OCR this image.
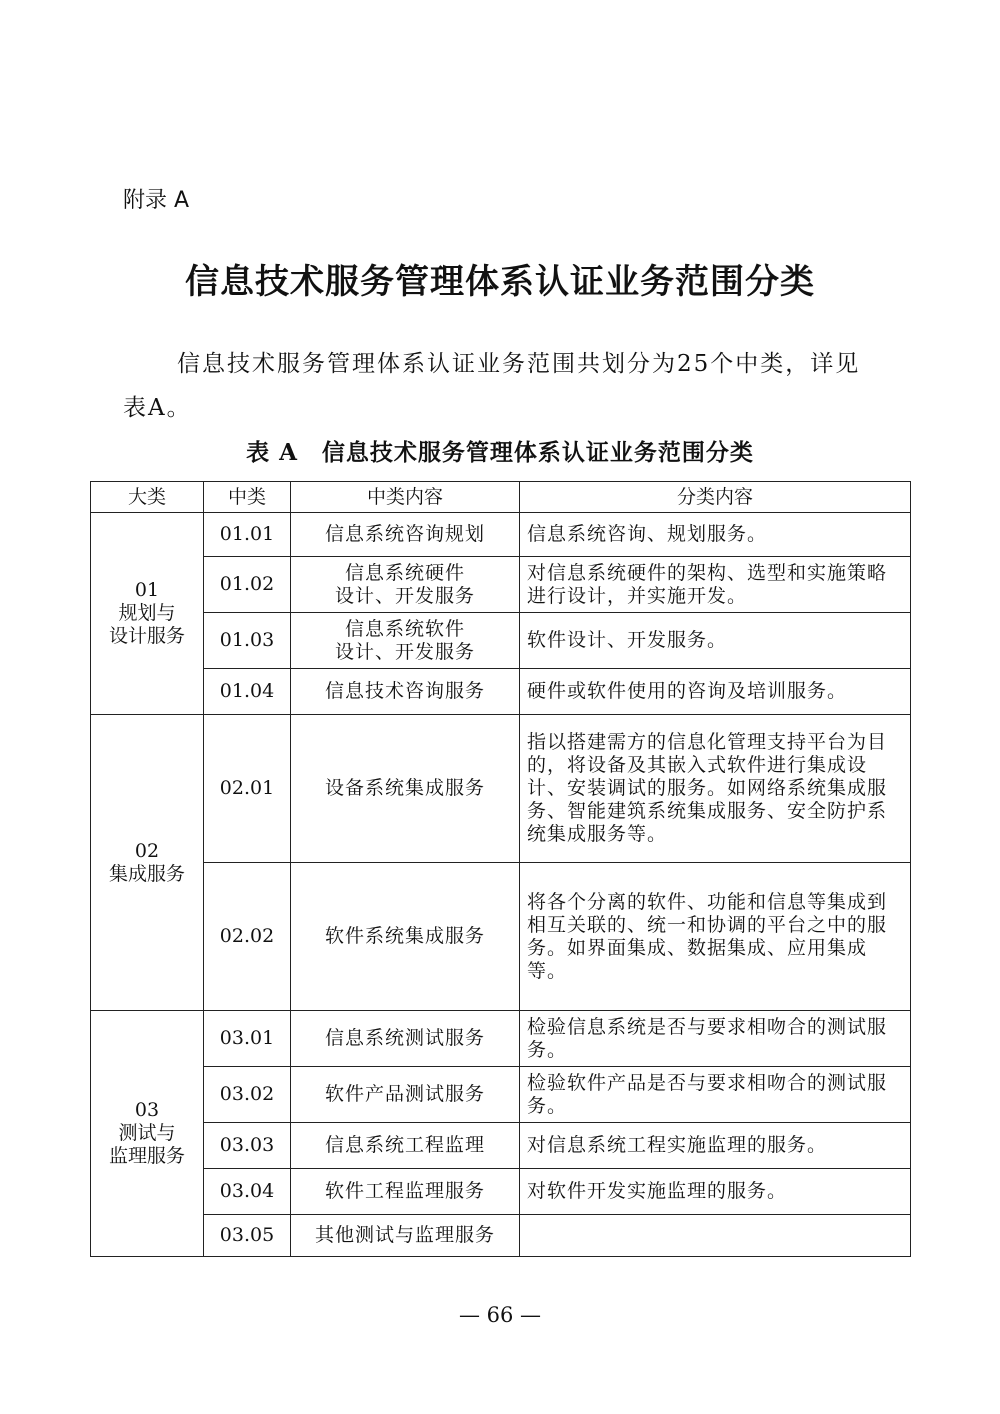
附录 A
信息技术服务管理体系认证业务范围分类
信息技术服务管理体系认证业务范围共划分为25个中类，详见表A。
表 A 信息技术服务管理体系认证业务范围分类
大类	中类	中类内容	分类内容

01
规划与
设计服务	01.01	信息系统咨询规划	信息系统咨询、规划服务。
	01.02	信息系统硬件
设计、开发服务	对信息系统硬件的架构、选型和实施策略进行设计，并实施开发。
	01.03	信息系统软件
设计、开发服务	软件设计、开发服务。
	01.04	信息技术咨询服务	硬件或软件使用的咨询及培训服务。

02
集成服务	02.01	设备系统集成服务	指以搭建需方的信息化管理支持平台为目的，将设备及其嵌入式软件进行集成设计、安装调试的服务。如网络系统集成服务、智能建筑系统集成服务、安全防护系统集成服务等。
	02.02	软件系统集成服务	将各个分离的软件、功能和信息等集成到相互关联的、统一和协调的平台之中的服务。如界面集成、数据集成、应用集成等。

03
测试与
监理服务	03.01	信息系统测试服务	检验信息系统是否与要求相吻合的测试服务。
	03.02	软件产品测试服务	检验软件产品是否与要求相吻合的测试服务。
	03.03	信息系统工程监理	对信息系统工程实施监理的服务。
	03.04	软件工程监理服务	对软件开发实施监理的服务。
	03.05	其他测试与监理服务	

— 66 —
